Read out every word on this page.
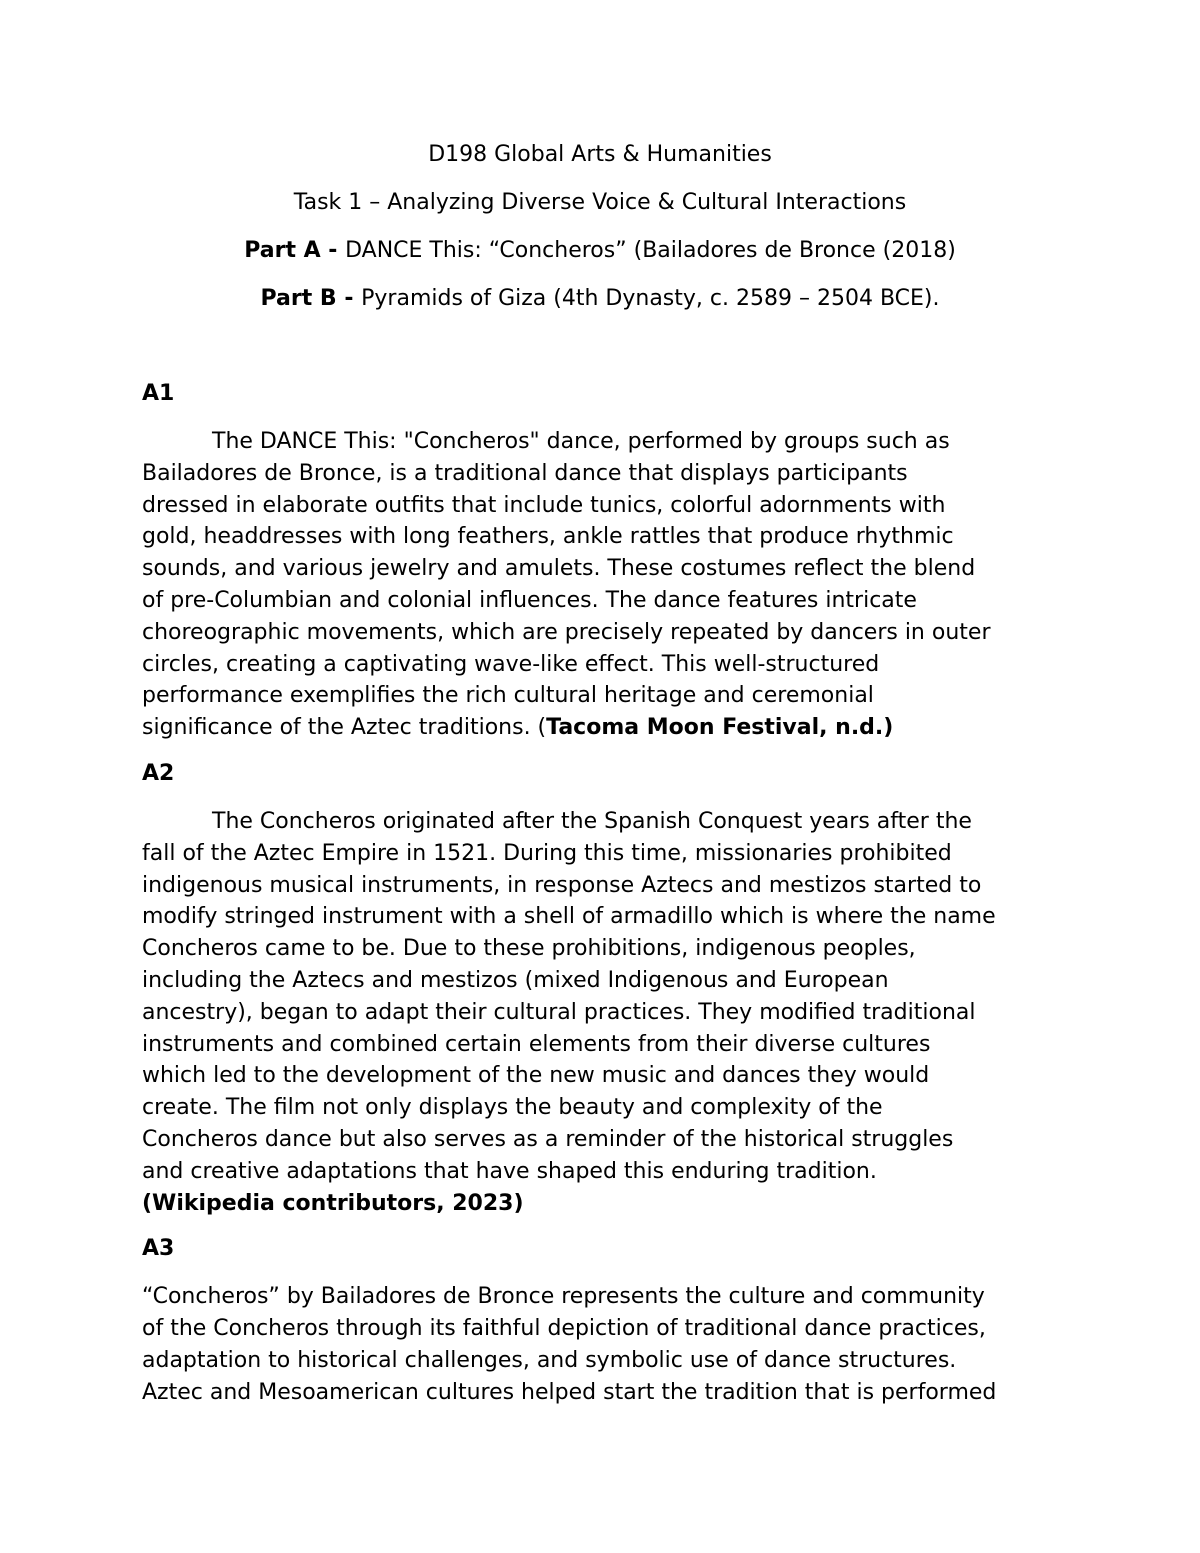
D198 Global Arts & Humanities

Task 1 – Analyzing Diverse Voice & Cultural Interactions

Part A - DANCE This: “Concheros” (Bailadores de Bronce (2018)

Part B - Pyramids of Giza (4th Dynasty, c. 2589 – 2504 BCE).

A1

The DANCE This: "Concheros" dance, performed by groups such as
Bailadores de Bronce, is a traditional dance that displays participants
dressed in elaborate outfits that include tunics, colorful adornments with
gold, headdresses with long feathers, ankle rattles that produce rhythmic
sounds, and various jewelry and amulets. These costumes reflect the blend
of pre-Columbian and colonial influences. The dance features intricate
choreographic movements, which are precisely repeated by dancers in outer
circles, creating a captivating wave-like effect. This well-structured
performance exemplifies the rich cultural heritage and ceremonial
significance of the Aztec traditions. (Tacoma Moon Festival, n.d.)

A2

The Concheros originated after the Spanish Conquest years after the
fall of the Aztec Empire in 1521. During this time, missionaries prohibited
indigenous musical instruments, in response Aztecs and mestizos started to
modify stringed instrument with a shell of armadillo which is where the name
Concheros came to be. Due to these prohibitions, indigenous peoples,
including the Aztecs and mestizos (mixed Indigenous and European
ancestry), began to adapt their cultural practices. They modified traditional
instruments and combined certain elements from their diverse cultures
which led to the development of the new music and dances they would
create. The film not only displays the beauty and complexity of the
Concheros dance but also serves as a reminder of the historical struggles
and creative adaptations that have shaped this enduring tradition.
(Wikipedia contributors, 2023)

A3

“Concheros” by Bailadores de Bronce represents the culture and community
of the Concheros through its faithful depiction of traditional dance practices,
adaptation to historical challenges, and symbolic use of dance structures.
Aztec and Mesoamerican cultures helped start the tradition that is performed
